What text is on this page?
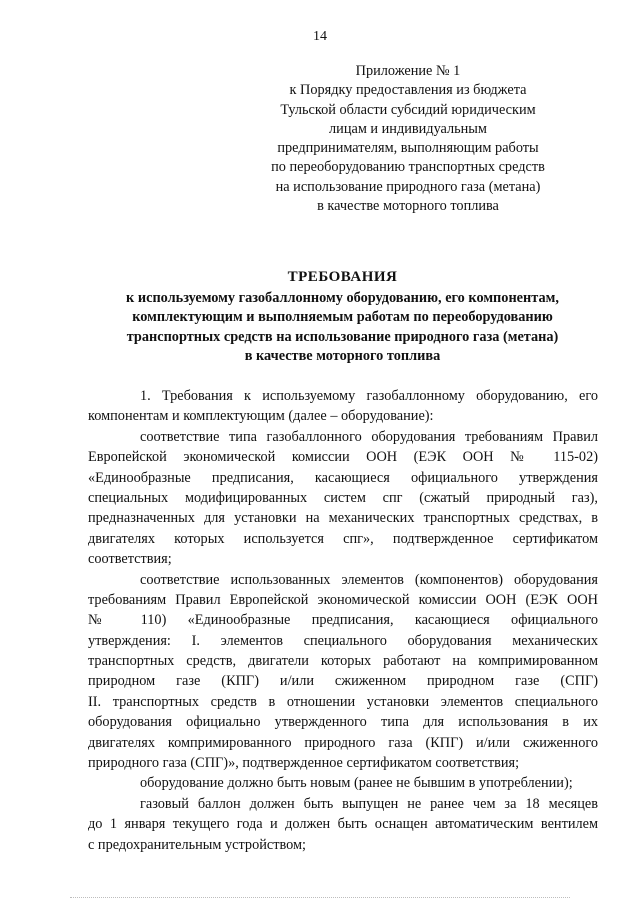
14
Приложение № 1
к Порядку предоставления из бюджета
Тульской области субсидий юридическим
лицам и индивидуальным
предпринимателям, выполняющим работы
по переоборудованию транспортных средств
на использование природного газа (метана)
в качестве моторного топлива
ТРЕБОВАНИЯ
к используемому газобаллонному оборудованию, его компонентам,
комплектующим и выполняемым работам по переоборудованию
транспортных средств на использование природного газа (метана)
в качестве моторного топлива
1. Требования к используемому газобаллонному оборудованию, его
компонентам и комплектующим (далее – оборудование):
соответствие типа газобаллонного оборудования требованиям Правил
Европейской экономической комиссии ООН (ЕЭК ООН № 115-02)
«Единообразные предписания, касающиеся официального утверждения
специальных модифицированных систем спг (сжатый природный газ),
предназначенных для установки на механических транспортных средствах, в
двигателях которых используется спг», подтвержденное сертификатом
соответствия;
соответствие использованных элементов (компонентов) оборудования
требованиям Правил Европейской экономической комиссии ООН (ЕЭК ООН
№ 110) «Единообразные предписания, касающиеся официального
утверждения: I. элементов специального оборудования механических
транспортных средств, двигатели которых работают на компримированном
природном газе (КПГ) и/или сжиженном природном газе (СПГ)
II. транспортных средств в отношении установки элементов специального
оборудования официально утвержденного типа для использования в их
двигателях компримированного природного газа (КПГ) и/или сжиженного
природного газа (СПГ)», подтвержденное сертификатом соответствия;
оборудование должно быть новым (ранее не бывшим в употреблении);
газовый баллон должен быть выпущен не ранее чем за 18 месяцев
до 1 января текущего года и должен быть оснащен автоматическим вентилем
с предохранительным устройством;
